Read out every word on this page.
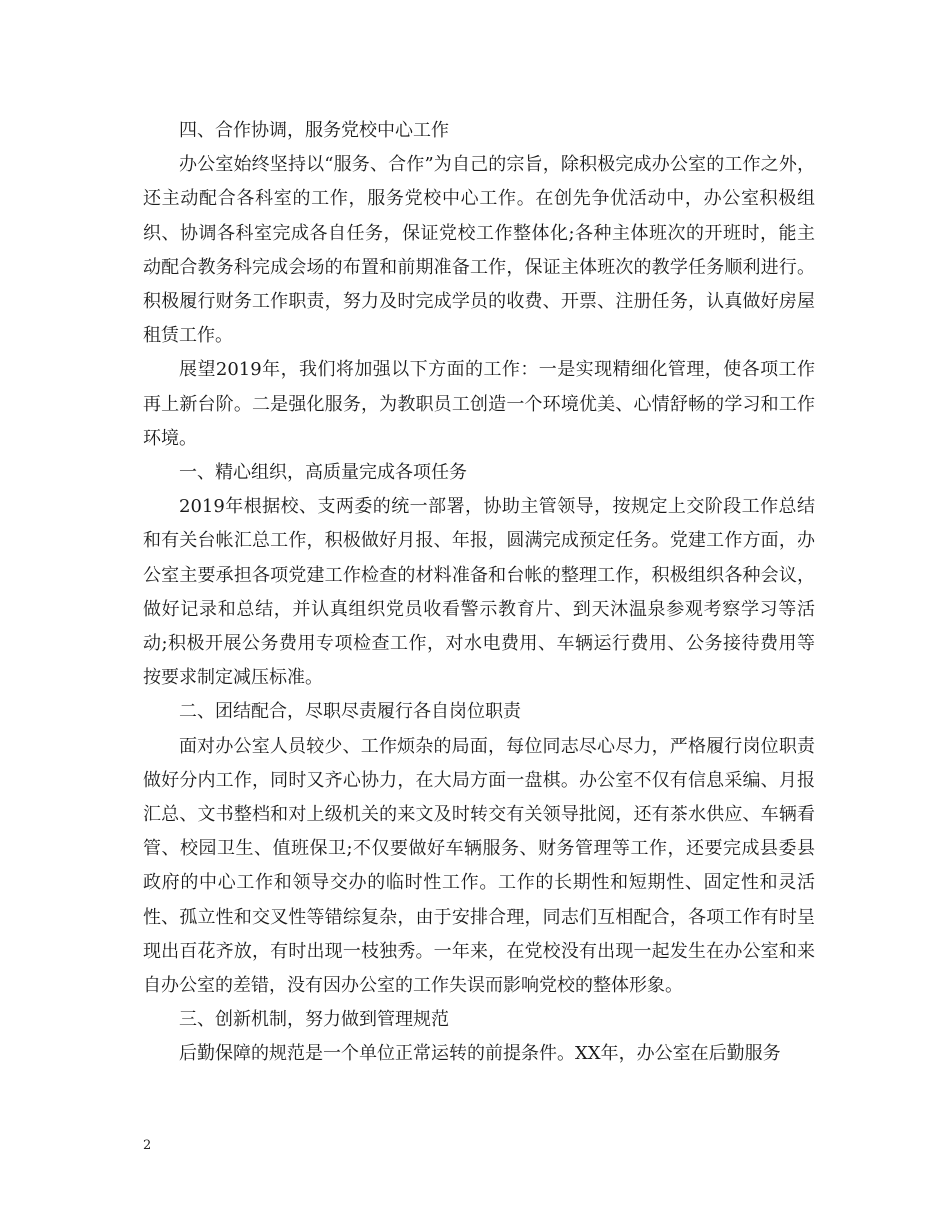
四、合作协调，服务党校中心工作

办公室始终坚持以“服务、合作”为自己的宗旨，除积极完成办公室的工作之外，还主动配合各科室的工作，服务党校中心工作。在创先争优活动中，办公室积极组织、协调各科室完成各自任务，保证党校工作整体化;各种主体班次的开班时，能主动配合教务科完成会场的布置和前期准备工作，保证主体班次的教学任务顺利进行。积极履行财务工作职责，努力及时完成学员的收费、开票、注册任务，认真做好房屋租赁工作。

展望2019年，我们将加强以下方面的工作：一是实现精细化管理，使各项工作再上新台阶。二是强化服务，为教职员工创造一个环境优美、心情舒畅的学习和工作环境。

一、精心组织，高质量完成各项任务

2019年根据校、支两委的统一部署，协助主管领导，按规定上交阶段工作总结和有关台帐汇总工作，积极做好月报、年报，圆满完成预定任务。党建工作方面，办公室主要承担各项党建工作检查的材料准备和台帐的整理工作，积极组织各种会议，做好记录和总结，并认真组织党员收看警示教育片、到天沐温泉参观考察学习等活动;积极开展公务费用专项检查工作，对水电费用、车辆运行费用、公务接待费用等按要求制定减压标准。

二、团结配合，尽职尽责履行各自岗位职责

面对办公室人员较少、工作烦杂的局面，每位同志尽心尽力，严格履行岗位职责做好分内工作，同时又齐心协力，在大局方面一盘棋。办公室不仅有信息采编、月报汇总、文书整档和对上级机关的来文及时转交有关领导批阅，还有茶水供应、车辆看管、校园卫生、值班保卫;不仅要做好车辆服务、财务管理等工作，还要完成县委县政府的中心工作和领导交办的临时性工作。工作的长期性和短期性、固定性和灵活性、孤立性和交叉性等错综复杂，由于安排合理，同志们互相配合，各项工作有时呈现出百花齐放，有时出现一枝独秀。一年来，在党校没有出现一起发生在办公室和来自办公室的差错，没有因办公室的工作失误而影响党校的整体形象。

三、创新机制，努力做到管理规范

后勤保障的规范是一个单位正常运转的前提条件。XX年，办公室在后勤服务

2
